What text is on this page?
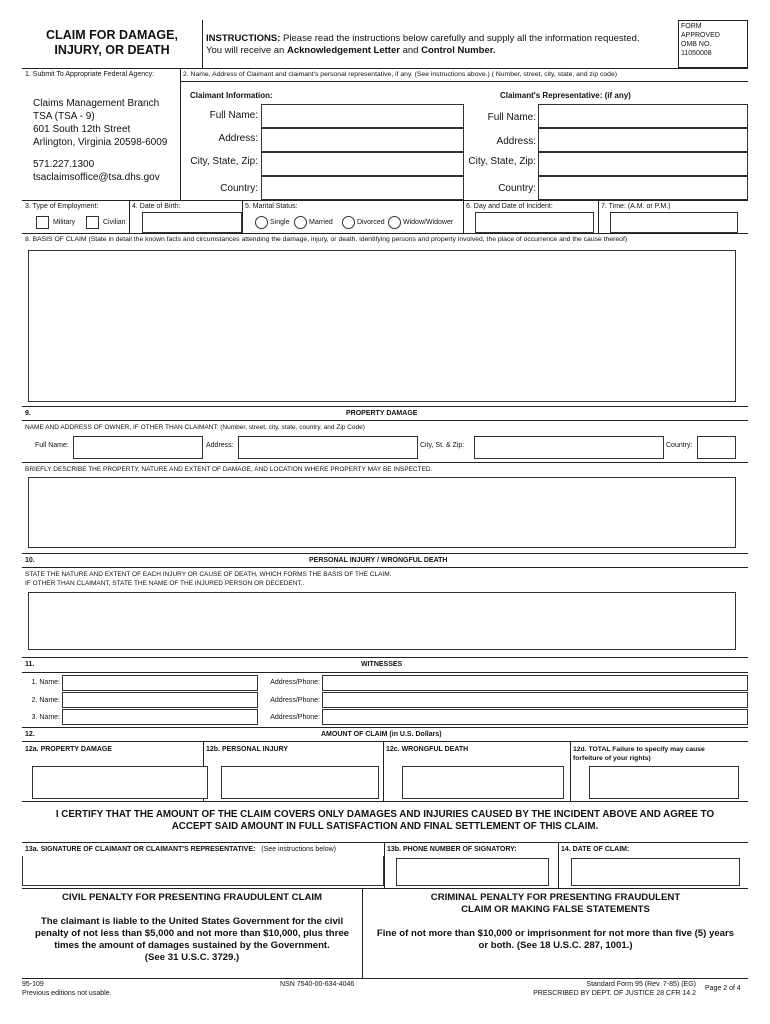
CLAIM FOR DAMAGE,
INJURY, OR DEATH
INSTRUCTIONS: Please read the instructions below carefully and supply all the information requested.
You will receive an Acknowledgement Letter and Control Number.
FORM
APPROVED
OMB NO.
11050008
1. Submit To Appropriate Federal Agency:
Claims Management Branch
TSA (TSA - 9)
601 South 12th Street
Arlington, Virginia 20598-6009
571.227.1300
tsaclaimsoffice@tsa.dhs.gov
2. Name, Address of Claimant and claimant's personal representative, if any. (See instructions above.) ( Number, street, city, state, and zip code)
Claimant Information:	Claimant's Representative: (if any)
Full Name:
Address:
City, State, Zip:
Country:
Full Name:
Address:
City, State, Zip:
Country:
3. Type of Employment:
Military	Civilian
4. Date of Birth:	5. Marital Status:
Single	Married	Divorced	Widow/Widower
6. Day and Date of Incident:	7. Time: (A.M. or P.M.)
8. BASIS OF CLAIM (State in detail the known facts and circumstances attending the damage, injury, or death, identifying persons and property involved, the place of occurrence and the cause thereof)
9.	PROPERTY DAMAGE
NAME AND ADDRESS OF OWNER, IF OTHER THAN CLAIMANT: (Number, street, city, state, country, and Zip Code)
Full Name:	Address:	City, St. & Zip:	Country:
BRIEFLY DESCRIBE THE PROPERTY, NATURE AND EXTENT OF DAMAGE, AND LOCATION WHERE PROPERTY MAY BE INSPECTED.
10.	PERSONAL INJURY / WRONGFUL DEATH
STATE THE NATURE AND EXTENT OF EACH INJURY OR CAUSE OF DEATH, WHICH FORMS THE BASIS OF THE CLAIM.
IF OTHER THAN CLAIMANT, STATE THE NAME OF THE INJURED PERSON OR DECEDENT..
11.	WITNESSES
1. Name:	Address/Phone:
2. Name:	Address/Phone:
3. Name:	Address/Phone:
12.	AMOUNT OF CLAIM (in U.S. Dollars)
12a. PROPERTY DAMAGE	12b. PERSONAL INJURY	12c. WRONGFUL DEATH	12d. TOTAL Failure to specify may cause
forfeiture of your rights)
I CERTIFY THAT THE AMOUNT OF THE CLAIM COVERS ONLY DAMAGES AND INJURIES CAUSED BY THE INCIDENT ABOVE AND AGREE TO
ACCEPT SAID AMOUNT IN FULL SATISFACTION AND FINAL SETTLEMENT OF THIS CLAIM.
13a. SIGNATURE OF CLAIMANT OR CLAIMANT'S REPRESENTATIVE: (See instructions below)	13b. PHONE NUMBER OF SIGNATORY:	14. DATE OF CLAIM:
CIVIL PENALTY FOR PRESENTING FRAUDULENT CLAIM
The claimant is liable to the United States Government for the civil
penalty of not less than $5,000 and not more than $10,000, plus three
times the amount of damages sustained by the Government.
(See 31 U.S.C. 3729.)
CRIMINAL PENALTY FOR PRESENTING FRAUDULENT
CLAIM OR MAKING FALSE STATEMENTS
Fine of not more than $10,000 or imprisonment for not more than five (5) years
or both. (See 18 U.S.C. 287, 1001.)
95-109
Previous editions not usable.
NSN 7540-00-634-4046	Standard Form 95 (Rev. 7-85) (EG)
PRESCRIBED BY DEPT. OF JUSTICE 28 CFR 14.2
Page 2 of 4
